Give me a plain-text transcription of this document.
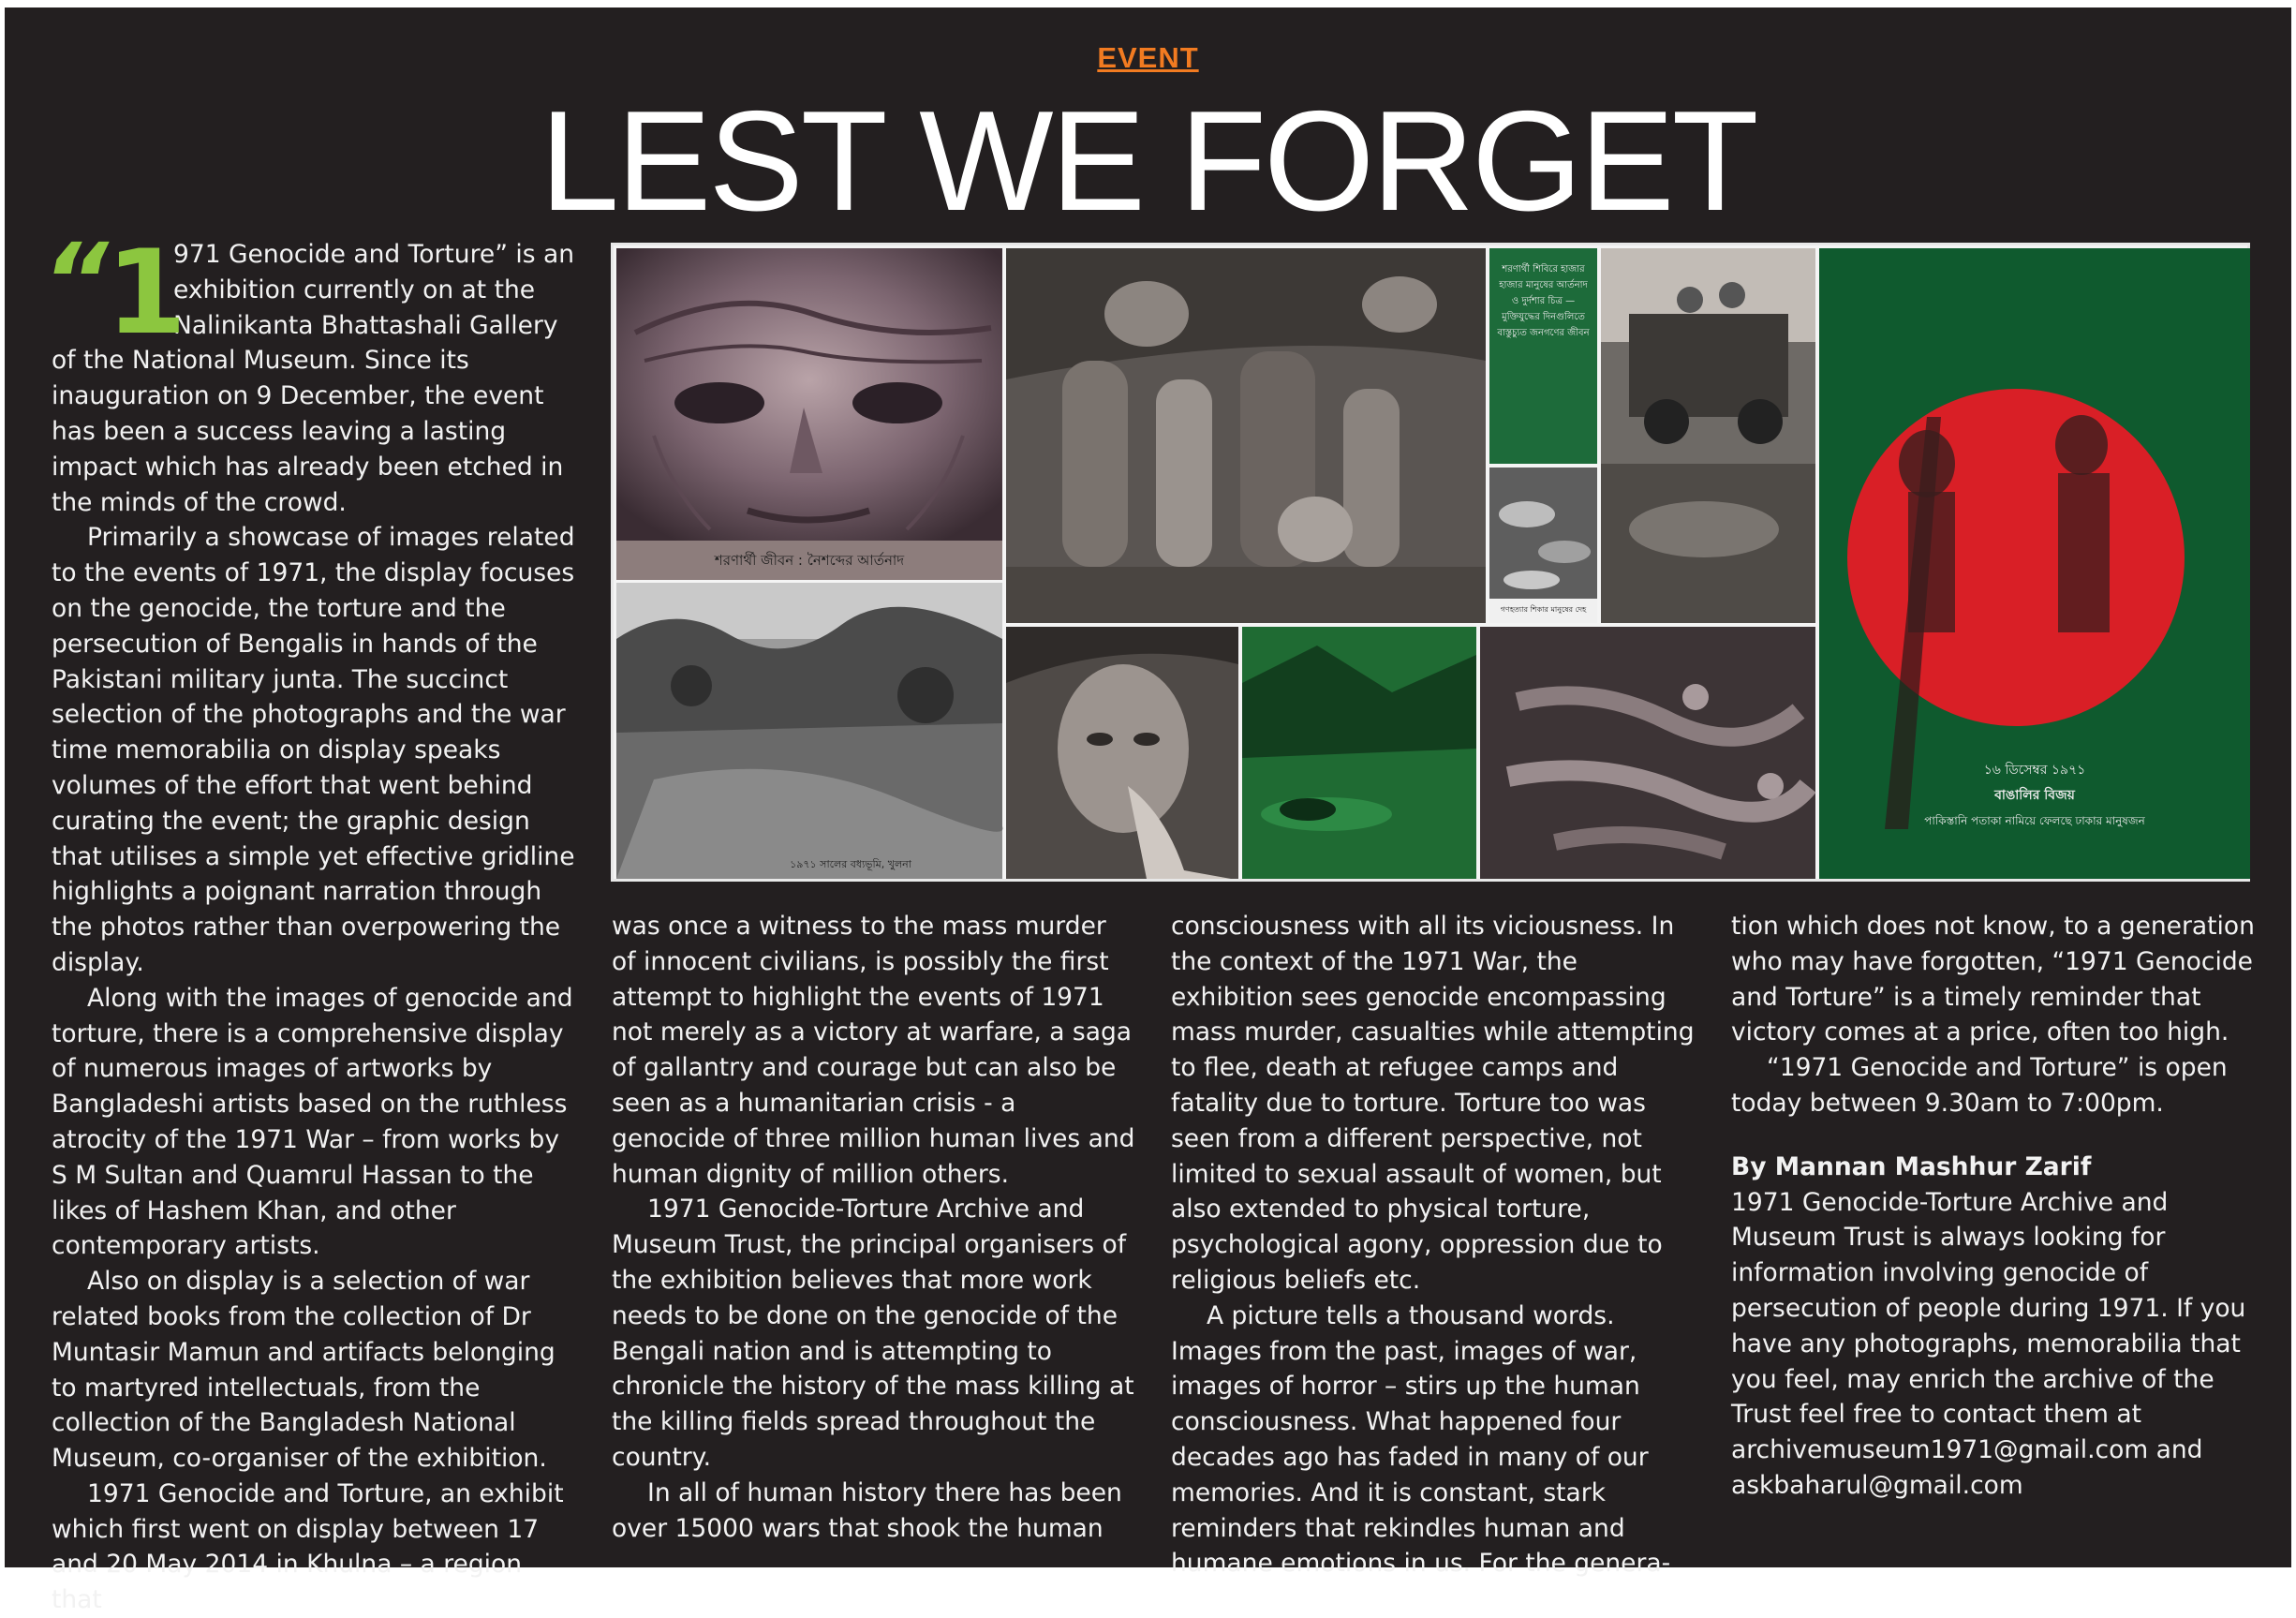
EVENT
LEST WE FORGET
“
1
971 Genocide and Torture” is an exhibition currently on at the Nalinikanta Bhattashali Gallery

of the National Museum. Since its inauguration on 9 December, the event has been a success leaving a lasting impact which has already been etched in the minds of the crowd.

Primarily a showcase of images related to the events of 1971, the display focuses on the genocide, the torture and the persecution of Bengalis in hands of the Pakistani military junta. The succinct selection of the photographs and the war time memorabilia on display speaks volumes of the effort that went behind curating the event; the graphic design that utilises a simple yet effective gridline highlights a poignant narration through the photos rather than overpowering the display.

Along with the images of genocide and torture, there is a comprehensive display of numerous images of artworks by Bangladeshi artists based on the ruthless atrocity of the 1971 War – from works by S M Sultan and Quamrul Hassan to the likes of Hashem Khan, and other contemporary artists.

Also on display is a selection of war related books from the collection of Dr Muntasir Mamun and artifacts belonging to martyred intellectuals, from the collection of the Bangladesh National Museum, co-organiser of the exhibition.

1971 Genocide and Torture, an exhibit which first went on display between 17 and 20 May 2014 in Khulna – a region that

শরণার্থী জীবন : নৈশব্দের আর্তনাদ
১৯৭১ সালের বধ্যভূমি, খুলনা
শরণার্থী শিবিরে হাজার হাজার মানুষের আর্তনাদ ও দুর্দশার চিত্র — মুক্তিযুদ্ধের দিনগুলিতে বাস্তুচ্যুত জনগণের জীবন
গণহত্যার শিকার মানুষের দেহ
১৬ ডিসেম্বর ১৯৭১
বাঙালির বিজয়
পাকিস্তানি পতাকা নামিয়ে ফেলছে ঢাকার মানুষজন

was once a witness to the mass murder of innocent civilians, is possibly the first attempt to highlight the events of 1971 not merely as a victory at warfare, a saga of gallantry and courage but can also be seen as a humanitarian crisis - a genocide of three million human lives and human dignity of million others.

1971 Genocide-Torture Archive and Museum Trust, the principal organisers of the exhibition believes that more work needs to be done on the genocide of the Bengali nation and is attempting to chronicle the history of the mass killing at the killing fields spread throughout the country.

In all of human history there has been over 15000 wars that shook the human

consciousness with all its viciousness. In the context of the 1971 War, the exhibition sees genocide encompassing mass murder, casualties while attempting to flee, death at refugee camps and fatality due to torture. Torture too was seen from a different perspective, not limited to sexual assault of women, but also extended to physical torture, psychological agony, oppression due to religious beliefs etc.

A picture tells a thousand words. Images from the past, images of war, images of horror – stirs up the human consciousness. What happened four decades ago has faded in many of our memories. And it is constant, stark reminders that rekindles human and humane emotions in us. For the genera-

tion which does not know, to a generation who may have forgotten, “1971 Genocide and Torture” is a timely reminder that victory comes at a price, often too high.

“1971 Genocide and Torture” is open today between 9.30am to 7:00pm.

By Mannan Mashhur Zarif

1971 Genocide-Torture Archive and Museum Trust is always looking for information involving genocide of persecution of people during 1971. If you have any photographs, memorabilia that you feel, may enrich the archive of the Trust feel free to contact them at archivemuseum1971@gmail.com and askbaharul@gmail.com
